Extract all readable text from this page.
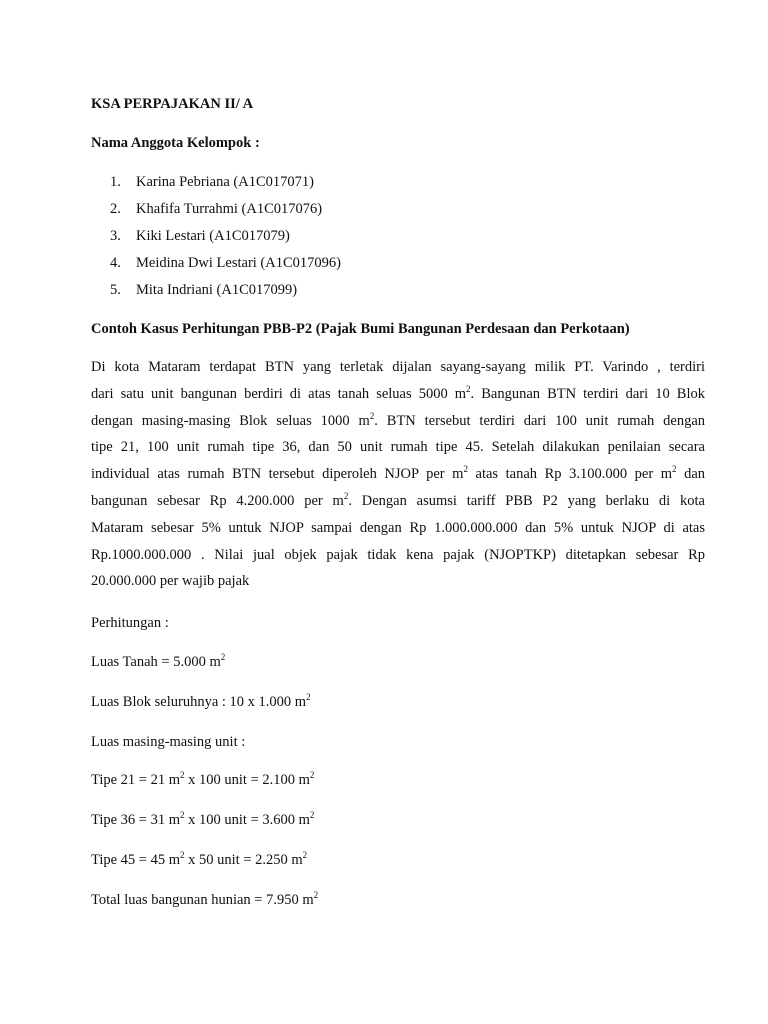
KSA PERPAJAKAN II/ A
Nama Anggota Kelompok :
1. Karina Pebriana (A1C017071)
2. Khafifa Turrahmi (A1C017076)
3. Kiki Lestari (A1C017079)
4. Meidina Dwi Lestari (A1C017096)
5. Mita Indriani (A1C017099)
Contoh Kasus Perhitungan PBB-P2 (Pajak Bumi Bangunan Perdesaan dan Perkotaan)
Di kota Mataram terdapat BTN yang terletak dijalan sayang-sayang milik PT. Varindo , terdiri
dari satu unit bangunan berdiri di atas tanah seluas 5000 $m^2$. Bangunan BTN terdiri dari 10 Blok
dengan masing-masing Blok seluas 1000 $m^2$. BTN tersebut terdiri dari 100 unit rumah dengan
tipe 21, 100 unit rumah tipe 36, dan 50 unit rumah tipe 45. Setelah dilakukan penilaian secara
individual atas rumah BTN tersebut diperoleh NJOP per $m^2$ atas tanah Rp 3.100.000 per $m^2$ dan
bangunan sebesar Rp 4.200.000 per $m^2$. Dengan asumsi tariff PBB P2 yang berlaku di kota
Mataram sebesar 5% untuk NJOP sampai dengan Rp 1.000.000.000 dan 5% untuk NJOP di atas
Rp.1000.000.000 . Nilai jual objek pajak tidak kena pajak (NJOPTKP) ditetapkan sebesar Rp
20.000.000 per wajib pajak
Perhitungan :
Luas Tanah = 5.000 $m^2$
Luas Blok seluruhnya : 10 x 1.000 $m^2$
Luas masing-masing unit :
Tipe 21 = 21 $m^2$ x 100 unit = 2.100 $m^2$
Tipe 36 = 31 $m^2$ x 100 unit = 3.600 $m^2$
Tipe 45 = 45 $m^2$ x 50 unit = 2.250 $m^2$
Total luas bangunan hunian = 7.950 $m^2$
